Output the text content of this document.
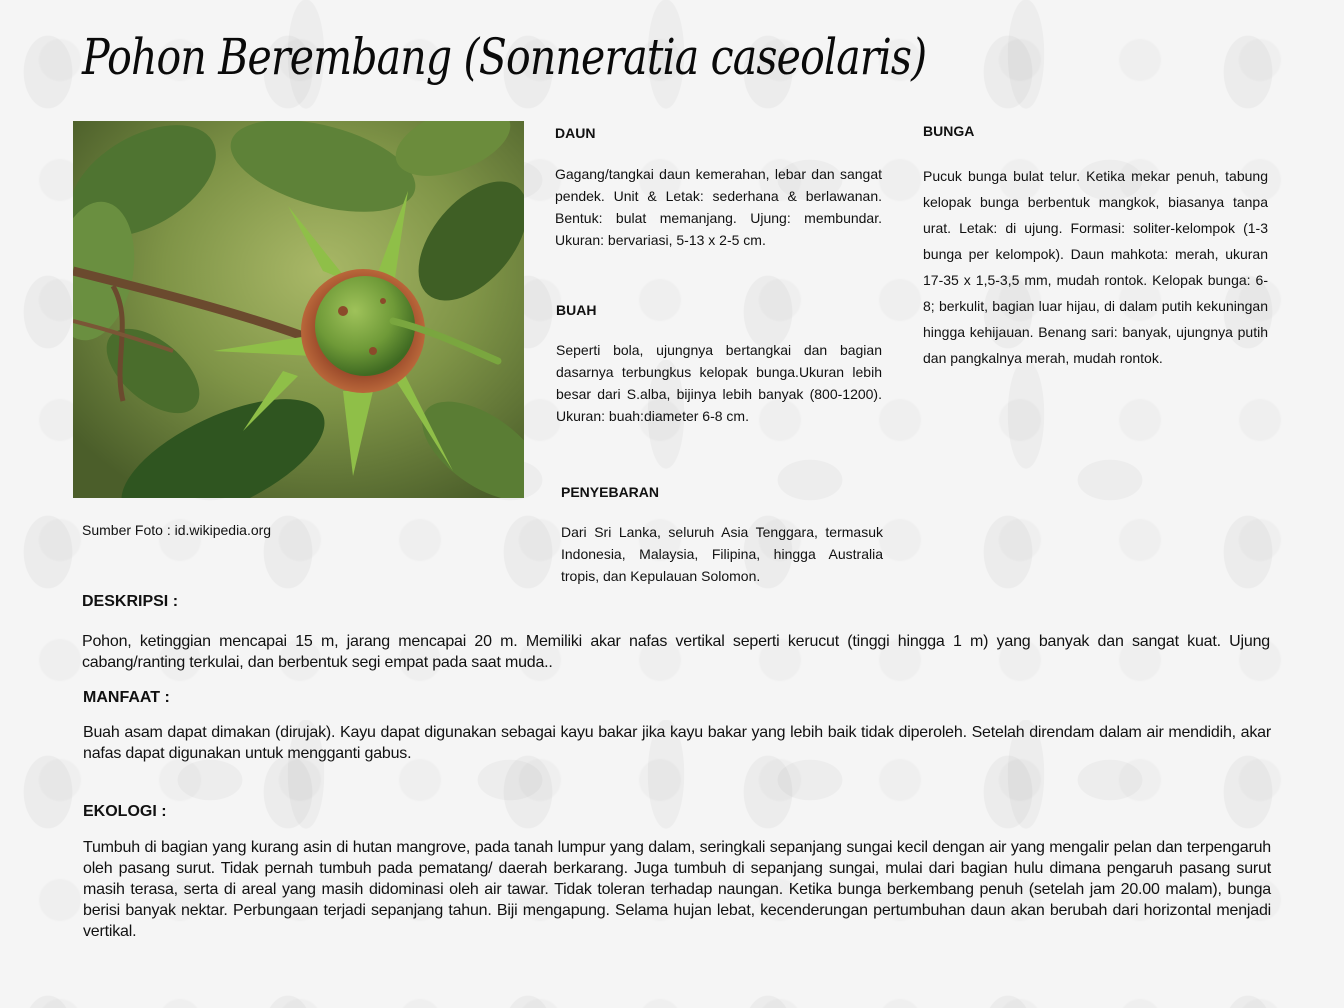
Pohon Berembang (Sonneratia caseolaris)
Sumber Foto : id.wikipedia.org
DAUN
Gagang/tangkai daun kemerahan, lebar dan sangat pendek. Unit & Letak: sederhana & berlawanan. Bentuk: bulat memanjang. Ujung: membundar. Ukuran: bervariasi, 5-13 x 2-5 cm.
BUAH
Seperti bola, ujungnya bertangkai dan bagian dasarnya terbungkus kelopak bunga.Ukuran lebih besar dari S.alba, bijinya lebih banyak (800-1200). Ukuran: buah:diameter 6-8 cm.
PENYEBARAN
Dari Sri Lanka, seluruh Asia Tenggara, termasuk Indonesia, Malaysia, Filipina, hingga Australia tropis, dan Kepulauan Solomon.
BUNGA
Pucuk bunga bulat telur. Ketika mekar penuh, tabung kelopak bunga berbentuk mangkok, biasanya tanpa urat. Letak: di ujung. Formasi: soliter-kelompok (1-3 bunga per kelompok). Daun mahkota: merah, ukuran 17-35 x 1,5-3,5 mm, mudah rontok. Kelopak bunga: 6-8; berkulit, bagian luar hijau, di dalam putih kekuningan hingga kehijauan. Benang sari: banyak, ujungnya putih dan pangkalnya merah, mudah rontok.
DESKRIPSI :
Pohon, ketinggian mencapai 15 m, jarang mencapai 20 m. Memiliki akar nafas vertikal seperti kerucut (tinggi hingga 1 m) yang banyak dan sangat kuat. Ujung cabang/ranting terkulai, dan berbentuk segi empat pada saat muda..
MANFAAT :
Buah asam dapat dimakan (dirujak). Kayu dapat digunakan sebagai kayu bakar jika kayu bakar yang lebih baik tidak diperoleh. Setelah direndam dalam air mendidih, akar nafas dapat digunakan untuk mengganti gabus.
EKOLOGI :
Tumbuh di bagian yang kurang asin di hutan mangrove, pada tanah lumpur yang dalam, seringkali sepanjang sungai kecil dengan air yang mengalir pelan dan terpengaruh oleh pasang surut. Tidak pernah tumbuh pada pematang/ daerah berkarang. Juga tumbuh di sepanjang sungai, mulai dari bagian hulu dimana pengaruh pasang surut masih terasa, serta di areal yang masih didominasi oleh air tawar. Tidak toleran terhadap naungan. Ketika bunga berkembang penuh (setelah jam 20.00 malam), bunga berisi banyak nektar. Perbungaan terjadi sepanjang tahun. Biji mengapung. Selama hujan lebat, kecenderungan pertumbuhan daun akan berubah dari horizontal menjadi vertikal.
